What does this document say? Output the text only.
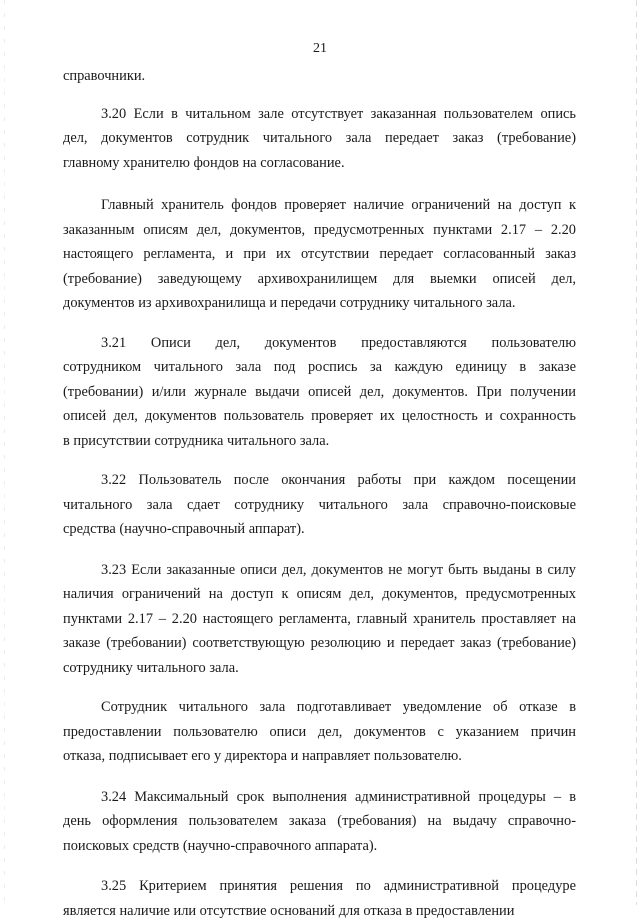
21
справочники.
3.20 Если в читальном зале отсутствует заказанная пользователем опись
дел, документов сотрудник читального зала передает заказ (требование)
главному хранителю фондов на согласование.
Главный хранитель фондов проверяет наличие ограничений на доступ к
заказанным описям дел, документов, предусмотренных пунктами 2.17 – 2.20
настоящего регламента, и при их отсутствии передает согласованный заказ
(требование) заведующему архивохранилищем для выемки описей дел,
документов из архивохранилища и передачи сотруднику читального зала.
3.21 Описи дел, документов предоставляются пользователю
сотрудником читального зала под роспись за каждую единицу в заказе
(требовании) и/или журнале выдачи описей дел, документов. При получении
описей дел, документов пользователь проверяет их целостность и сохранность
в присутствии сотрудника читального зала.
3.22 Пользователь после окончания работы при каждом посещении
читального зала сдает сотруднику читального зала справочно-поисковые
средства (научно-справочный аппарат).
3.23 Если заказанные описи дел, документов не могут быть выданы в силу
наличия ограничений на доступ к описям дел, документов, предусмотренных
пунктами 2.17 – 2.20 настоящего регламента, главный хранитель проставляет на
заказе (требовании) соответствующую резолюцию и передает заказ (требование)
сотруднику читального зала.
Сотрудник читального зала подготавливает уведомление об отказе в
предоставлении пользователю описи дел, документов с указанием причин
отказа, подписывает его у директора и направляет пользователю.
3.24 Максимальный срок выполнения административной процедуры – в
день оформления пользователем заказа (требования) на выдачу справочно-
поисковых средств (научно-справочного аппарата).
3.25 Критерием принятия решения по административной процедуре
является наличие или отсутствие оснований для отказа в предоставлении
